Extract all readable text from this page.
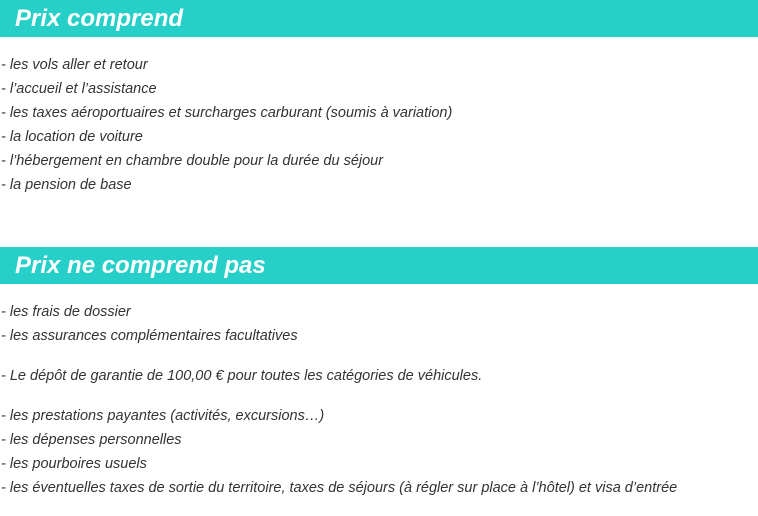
Prix comprend
- les vols aller et retour
- l’accueil et l’assistance
- les taxes aéroportuaires et surcharges carburant (soumis à variation)
- la location de voiture
- l’hébergement en chambre double pour la durée du séjour
- la pension de base
Prix ne comprend pas
- les frais de dossier
- les assurances complémentaires facultatives

- Le dépôt de garantie de 100,00 € pour toutes les catégories de véhicules.

- les prestations payantes (activités, excursions…)
- les dépenses personnelles
- les pourboires usuels
- les éventuelles taxes de sortie du territoire, taxes de séjours (à régler sur place à l’hôtel) et visa d’entrée
